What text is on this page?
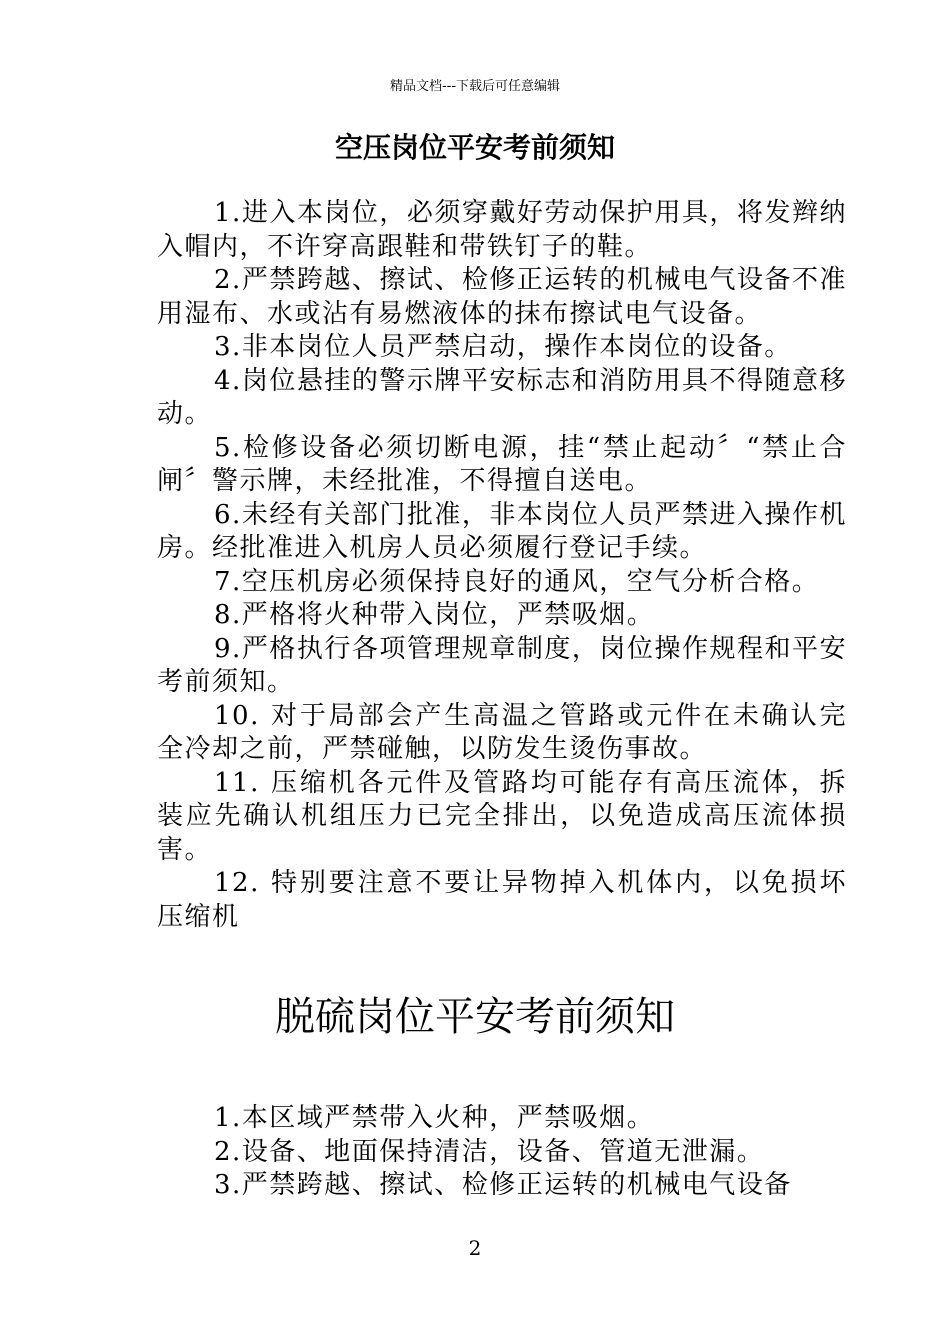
精品文档---下载后可任意编辑
空压岗位平安考前须知

1.进入本岗位，必须穿戴好劳动保护用具，将发辫纳入帽内，不许穿高跟鞋和带铁钉子的鞋。

2.严禁跨越、擦试、检修正运转的机械电气设备不准用湿布、水或沾有易燃液体的抹布擦试电气设备。

3.非本岗位人员严禁启动，操作本岗位的设备。

4.岗位悬挂的警示牌平安标志和消防用具不得随意移动。

5.检修设备必须切断电源，挂“禁止起动〞“禁止合闸〞警示牌，未经批准，不得擅自送电。

6.未经有关部门批准，非本岗位人员严禁进入操作机房。经批准进入机房人员必须履行登记手续。

7.空压机房必须保持良好的通风，空气分析合格。

8.严格将火种带入岗位，严禁吸烟。

9.严格执行各项管理规章制度，岗位操作规程和平安考前须知。

10. 对于局部会产生高温之管路或元件在未确认完全冷却之前，严禁碰触，以防发生烫伤事故。

11. 压缩机各元件及管路均可能存有高压流体，拆装应先确认机组压力已完全排出，以免造成高压流体损害。

12. 特别要注意不要让异物掉入机体内，以免损坏压缩机

脱硫岗位平安考前须知

1.本区域严禁带入火种，严禁吸烟。

2.设备、地面保持清洁，设备、管道无泄漏。

3.严禁跨越、擦试、检修正运转的机械电气设备

2
